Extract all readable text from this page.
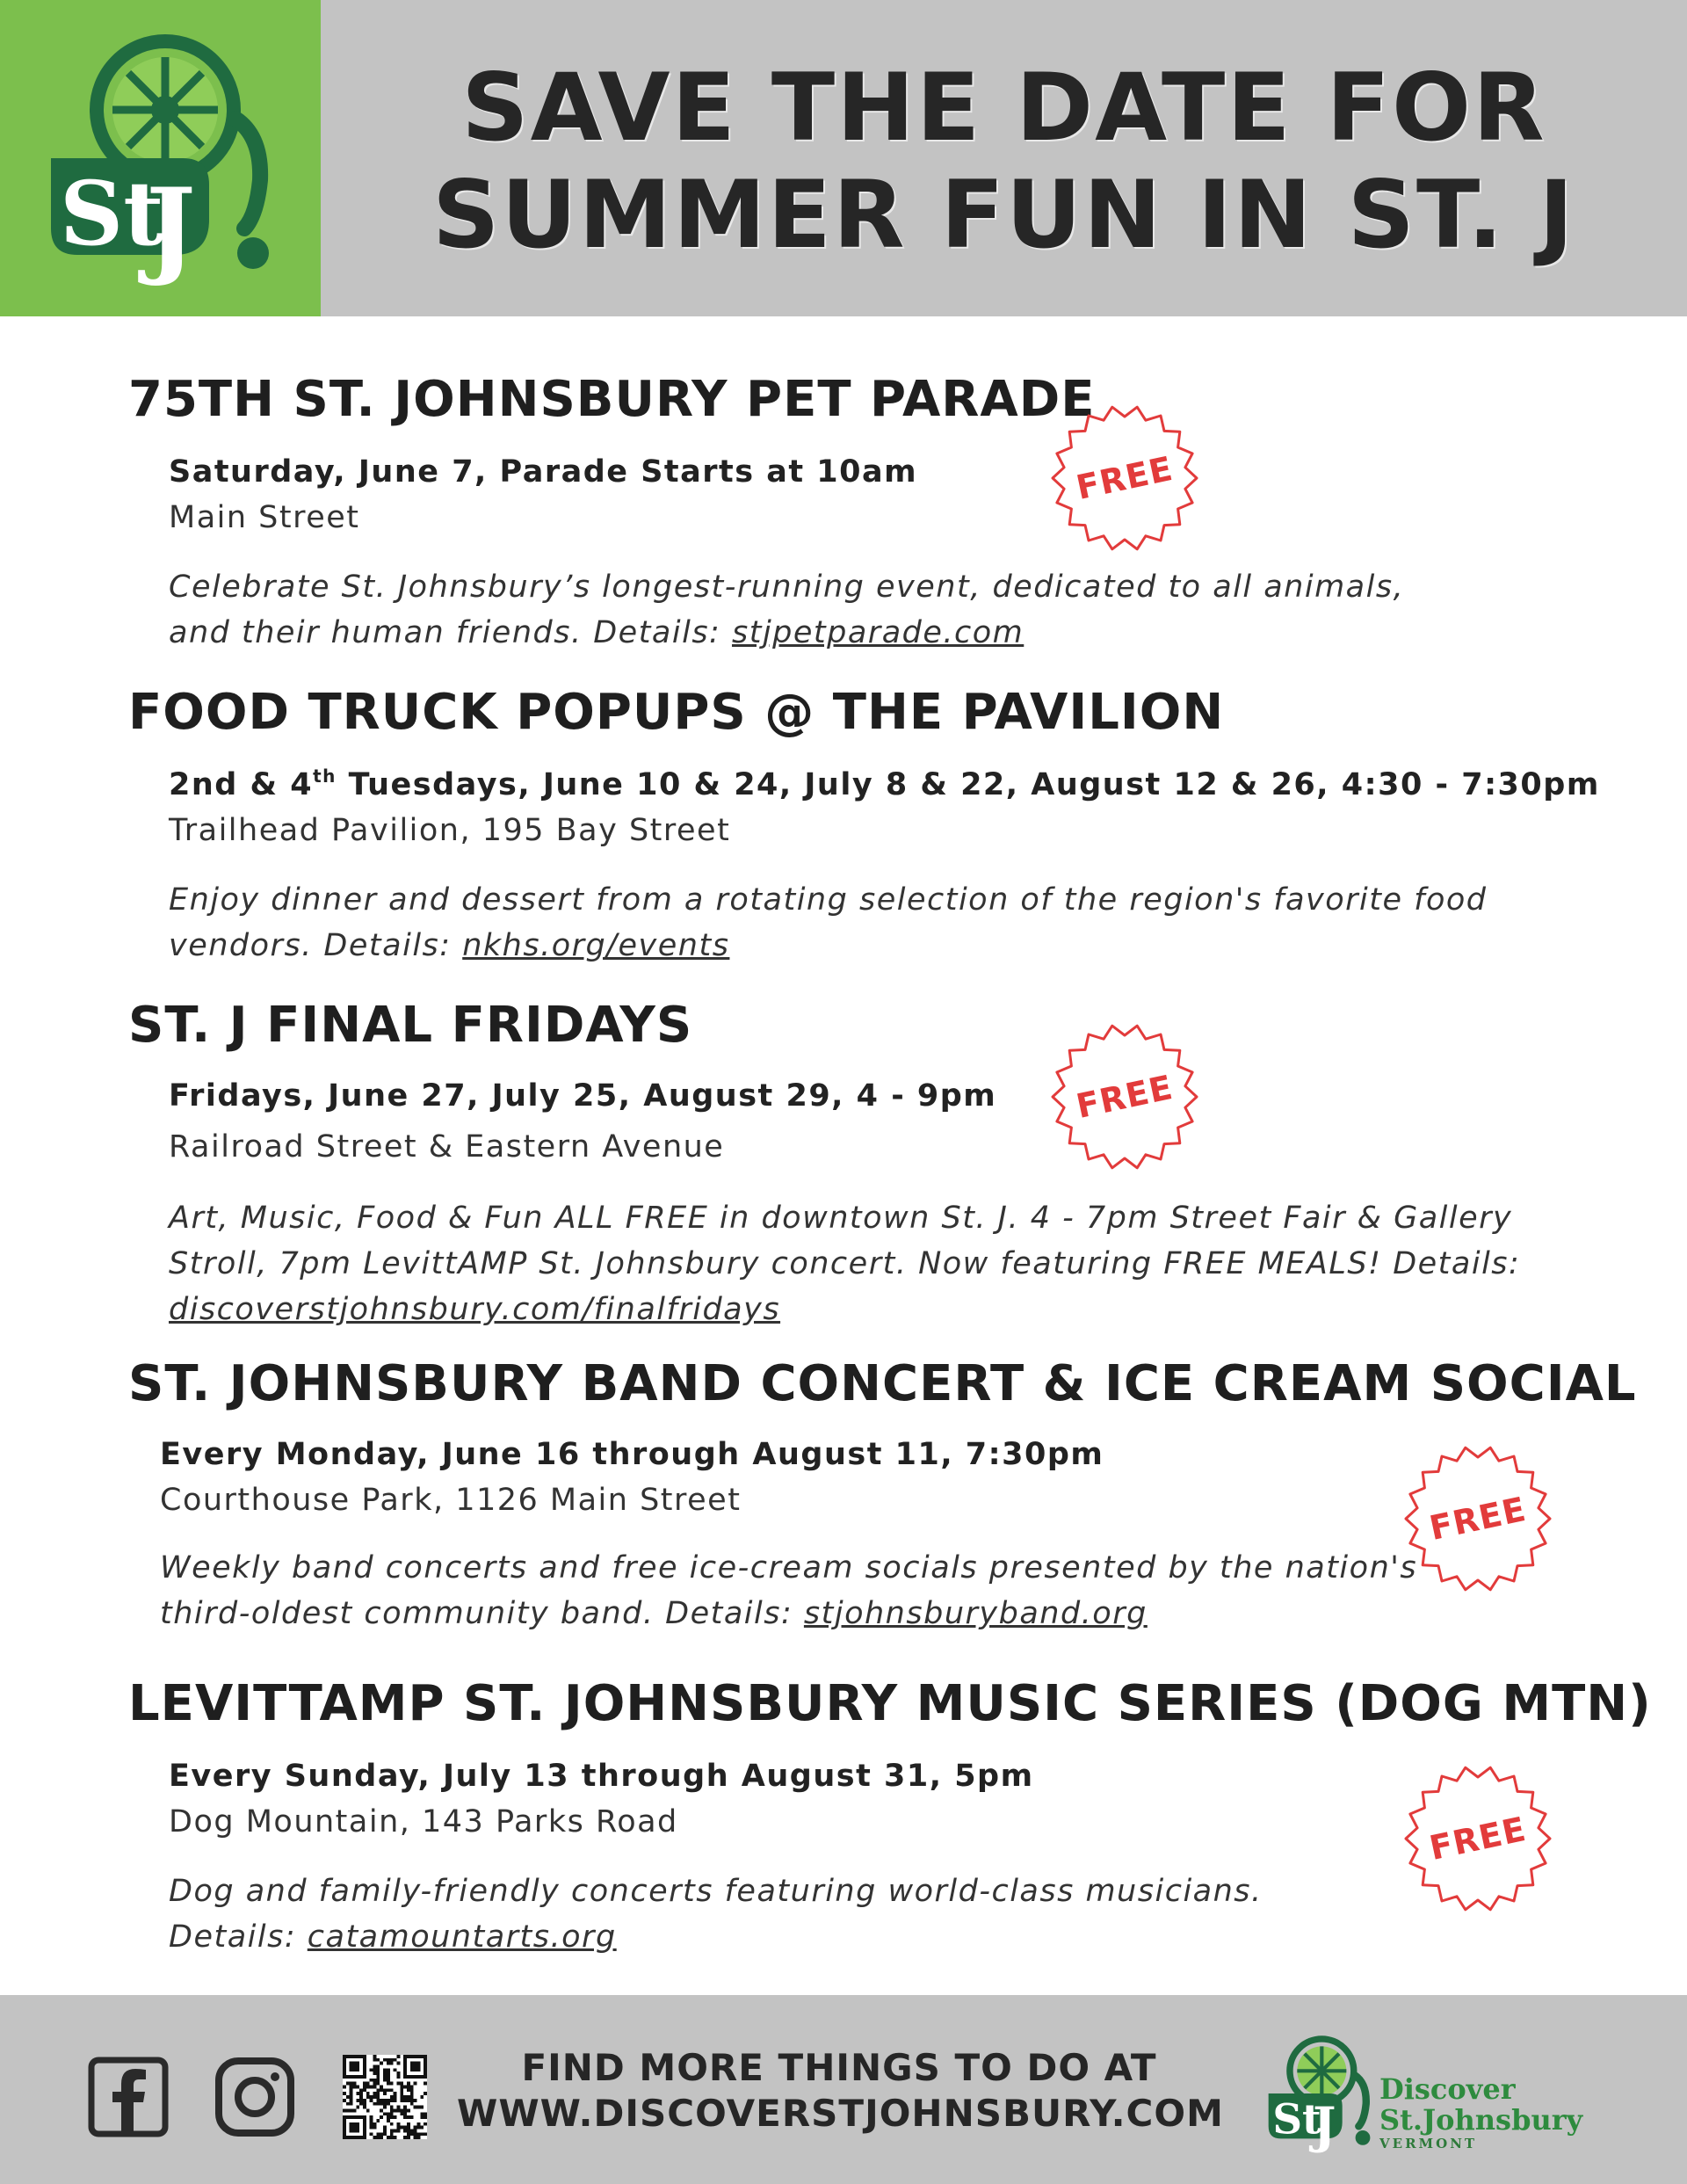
St
J
SAVE THE DATE FOR
SUMMER FUN IN ST. J
75TH ST. JOHNSBURY PET PARADE
Saturday, June 7, Parade Starts at 10am
Main Street
Celebrate St. Johnsbury’s longest-running event, dedicated to all animals,
and their human friends. Details: stjpetparade.com
FREE
FOOD TRUCK POPUPS @ THE PAVILION
2nd & 4th Tuesdays, June 10 & 24, July 8 & 22, August 12 & 26, 4:30 - 7:30pm
Trailhead Pavilion, 195 Bay Street
Enjoy dinner and dessert from a rotating selection of the region's favorite food
vendors. Details: nkhs.org/events
ST. J FINAL FRIDAYS
Fridays, June 27, July 25, August 29, 4 - 9pm
Railroad Street & Eastern Avenue
Art, Music, Food & Fun ALL FREE in downtown St. J. 4 - 7pm Street Fair & Gallery
Stroll, 7pm LevittAMP St. Johnsbury concert. Now featuring FREE MEALS! Details:
discoverstjohnsbury.com/finalfridays
FREE
ST. JOHNSBURY BAND CONCERT & ICE CREAM SOCIAL
Every Monday, June 16 through August 11, 7:30pm
Courthouse Park, 1126 Main Street
Weekly band concerts and free ice-cream socials presented by the nation's
third-oldest community band. Details: stjohnsburyband.org
FREE
LEVITTAMP ST. JOHNSBURY MUSIC SERIES (DOG MTN)
Every Sunday, July 13 through August 31, 5pm
Dog Mountain, 143 Parks Road
Dog and family-friendly concerts featuring world-class musicians.
Details: catamountarts.org
FREE
FIND MORE THINGS TO DO AT
WWW.DISCOVERSTJOHNSBURY.COM St
J
Discover
St.Johnsbury
VERMONT
